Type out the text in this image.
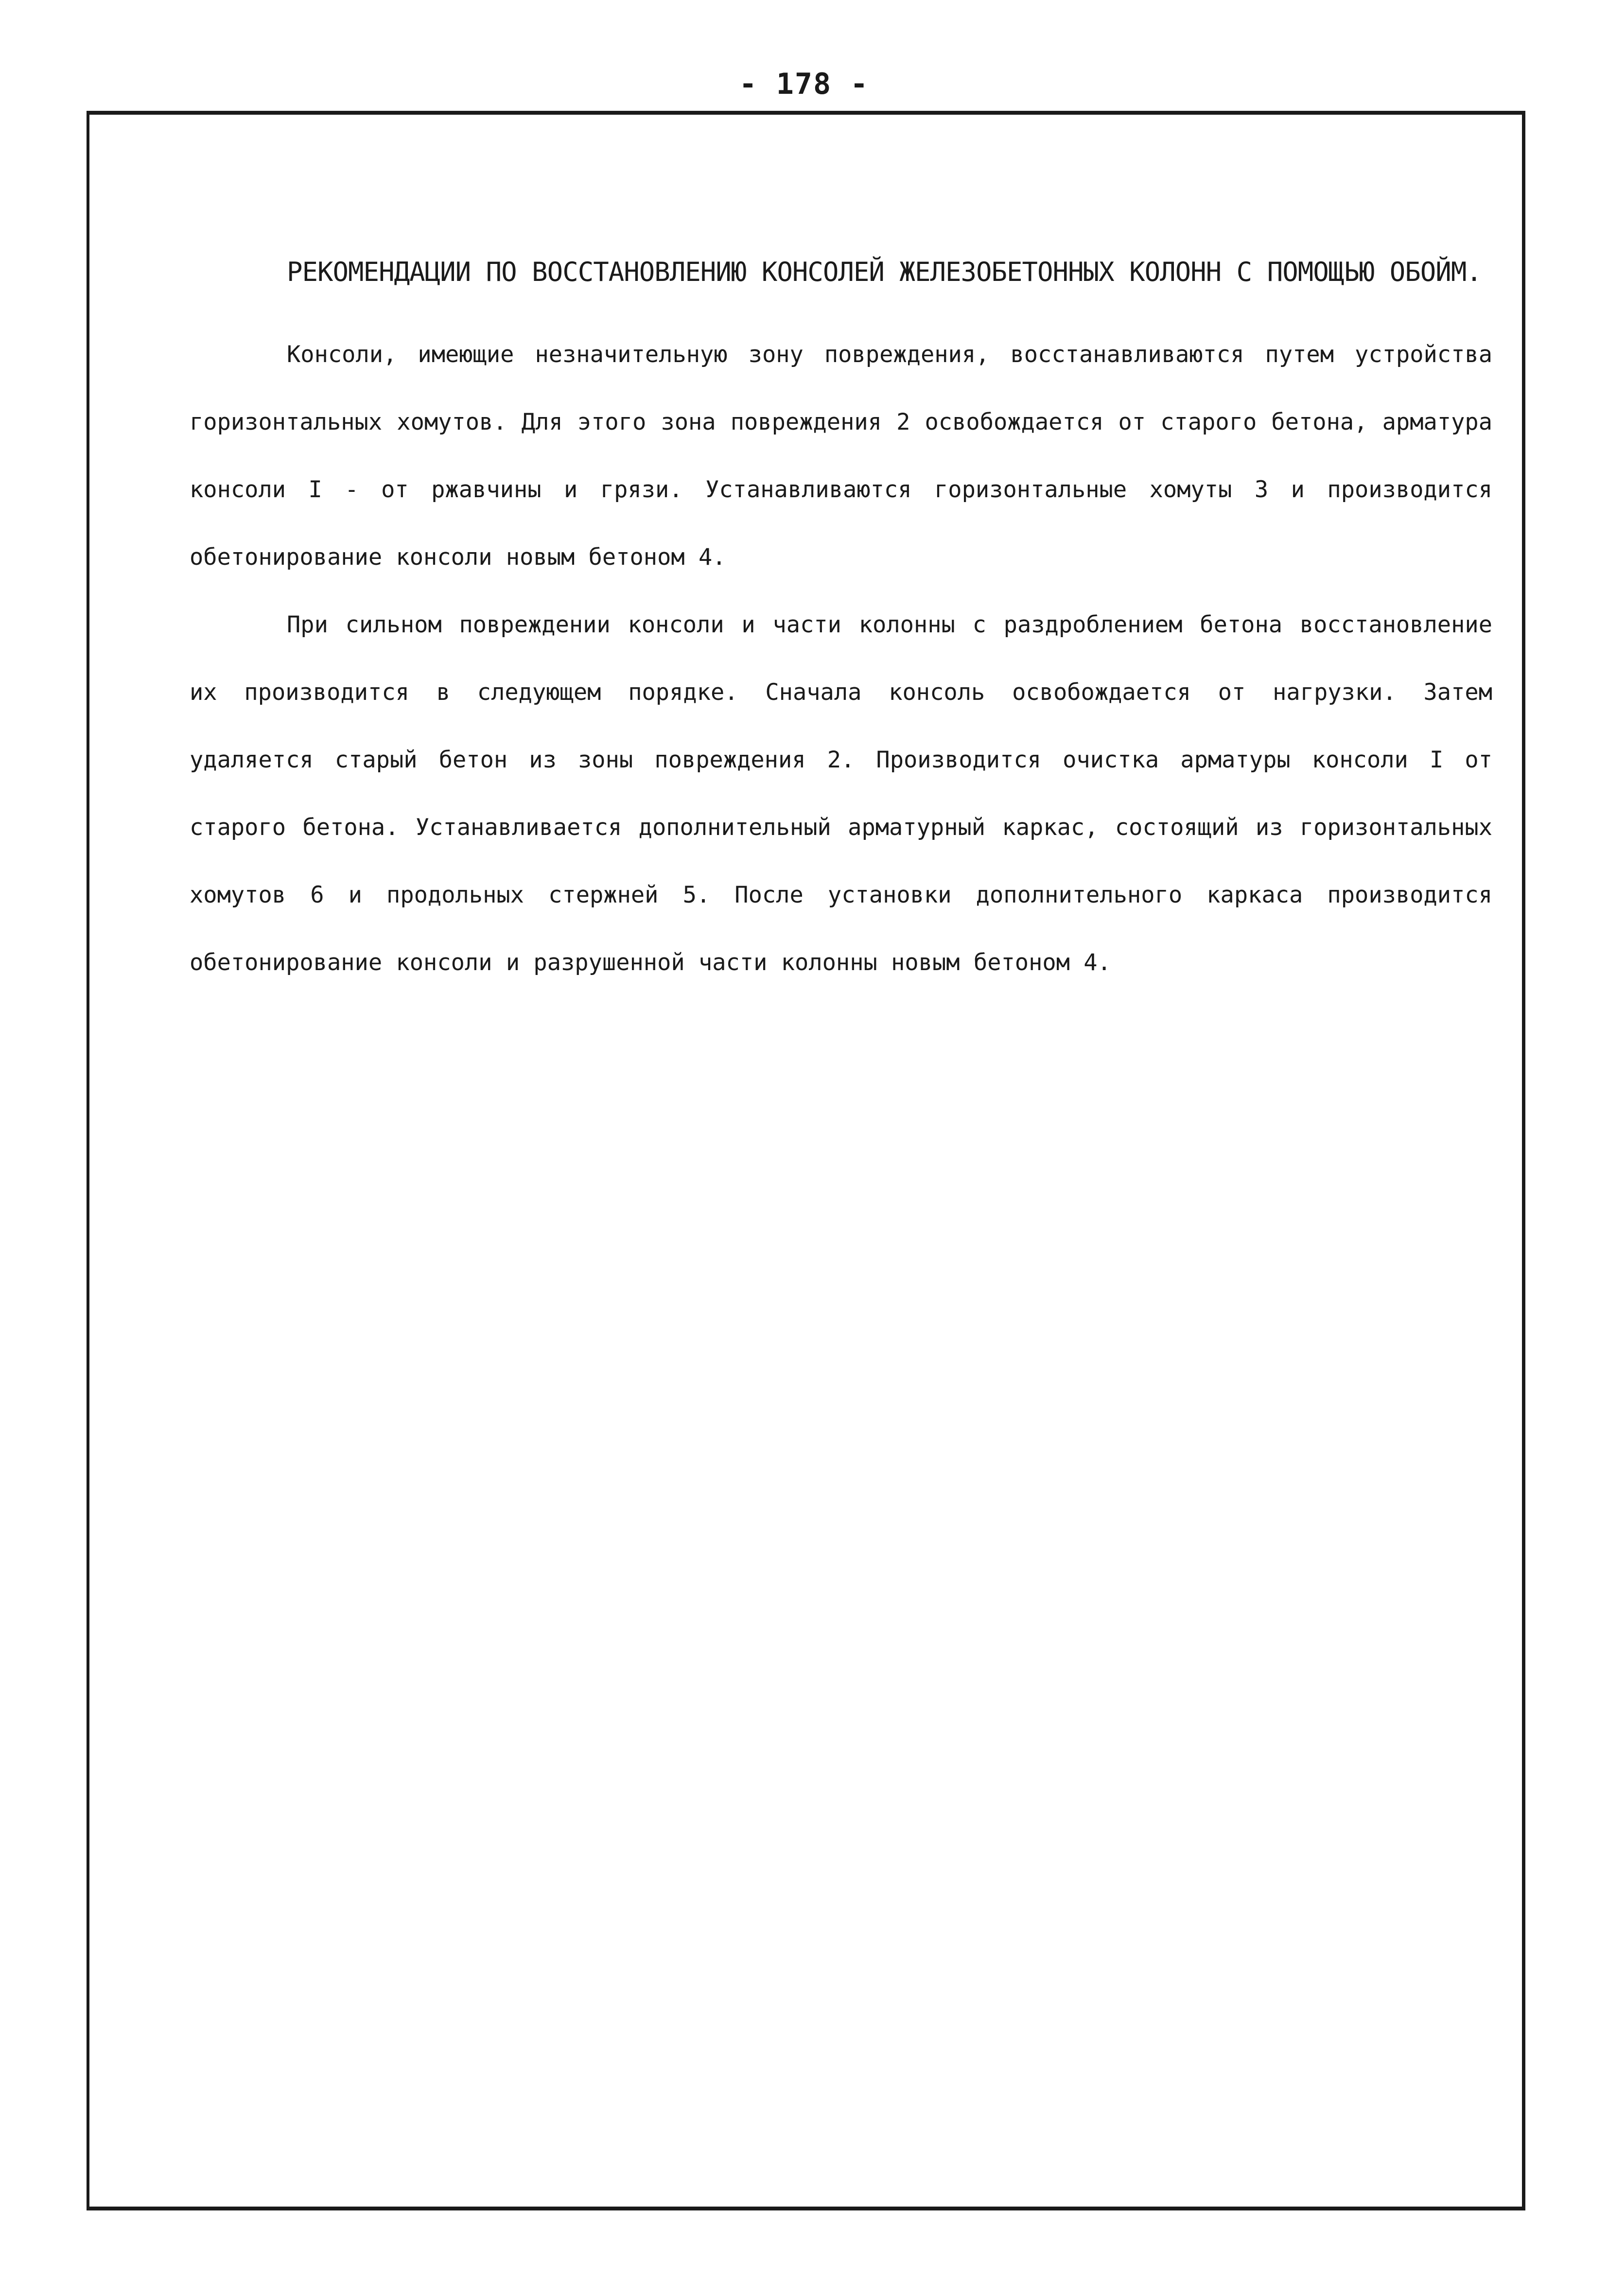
- 178 -
РЕКОМЕНДАЦИИ ПО ВОССТАНОВЛЕНИЮ КОНСОЛЕЙ ЖЕЛЕЗОБЕТОННЫХ КОЛОНН С ПОМОЩЬЮ ОБОЙМ.

Консоли, имеющие незначительную зону повреждения, восстанавливаются путем устройства горизонтальных хомутов. Для этого зона повреждения 2 освобождается от старого бетона, арматура консоли I - от ржавчины и грязи. Устанавливаются горизонтальные хомуты 3 и производится обетонирование консоли новым бетоном 4.

При сильном повреждении консоли и части колонны с раздроблением бетона восстановление их производится в следующем порядке. Сначала консоль освобождается от нагрузки. Затем удаляется старый бетон из зоны повреждения 2. Производится очистка арматуры консоли I от старого бетона. Устанавливается дополнительный арматурный каркас, состоящий из горизонтальных хомутов 6 и продольных стержней 5. После установки дополнительного каркаса производится обетонирование консоли и разрушенной части колонны новым бетоном 4.
